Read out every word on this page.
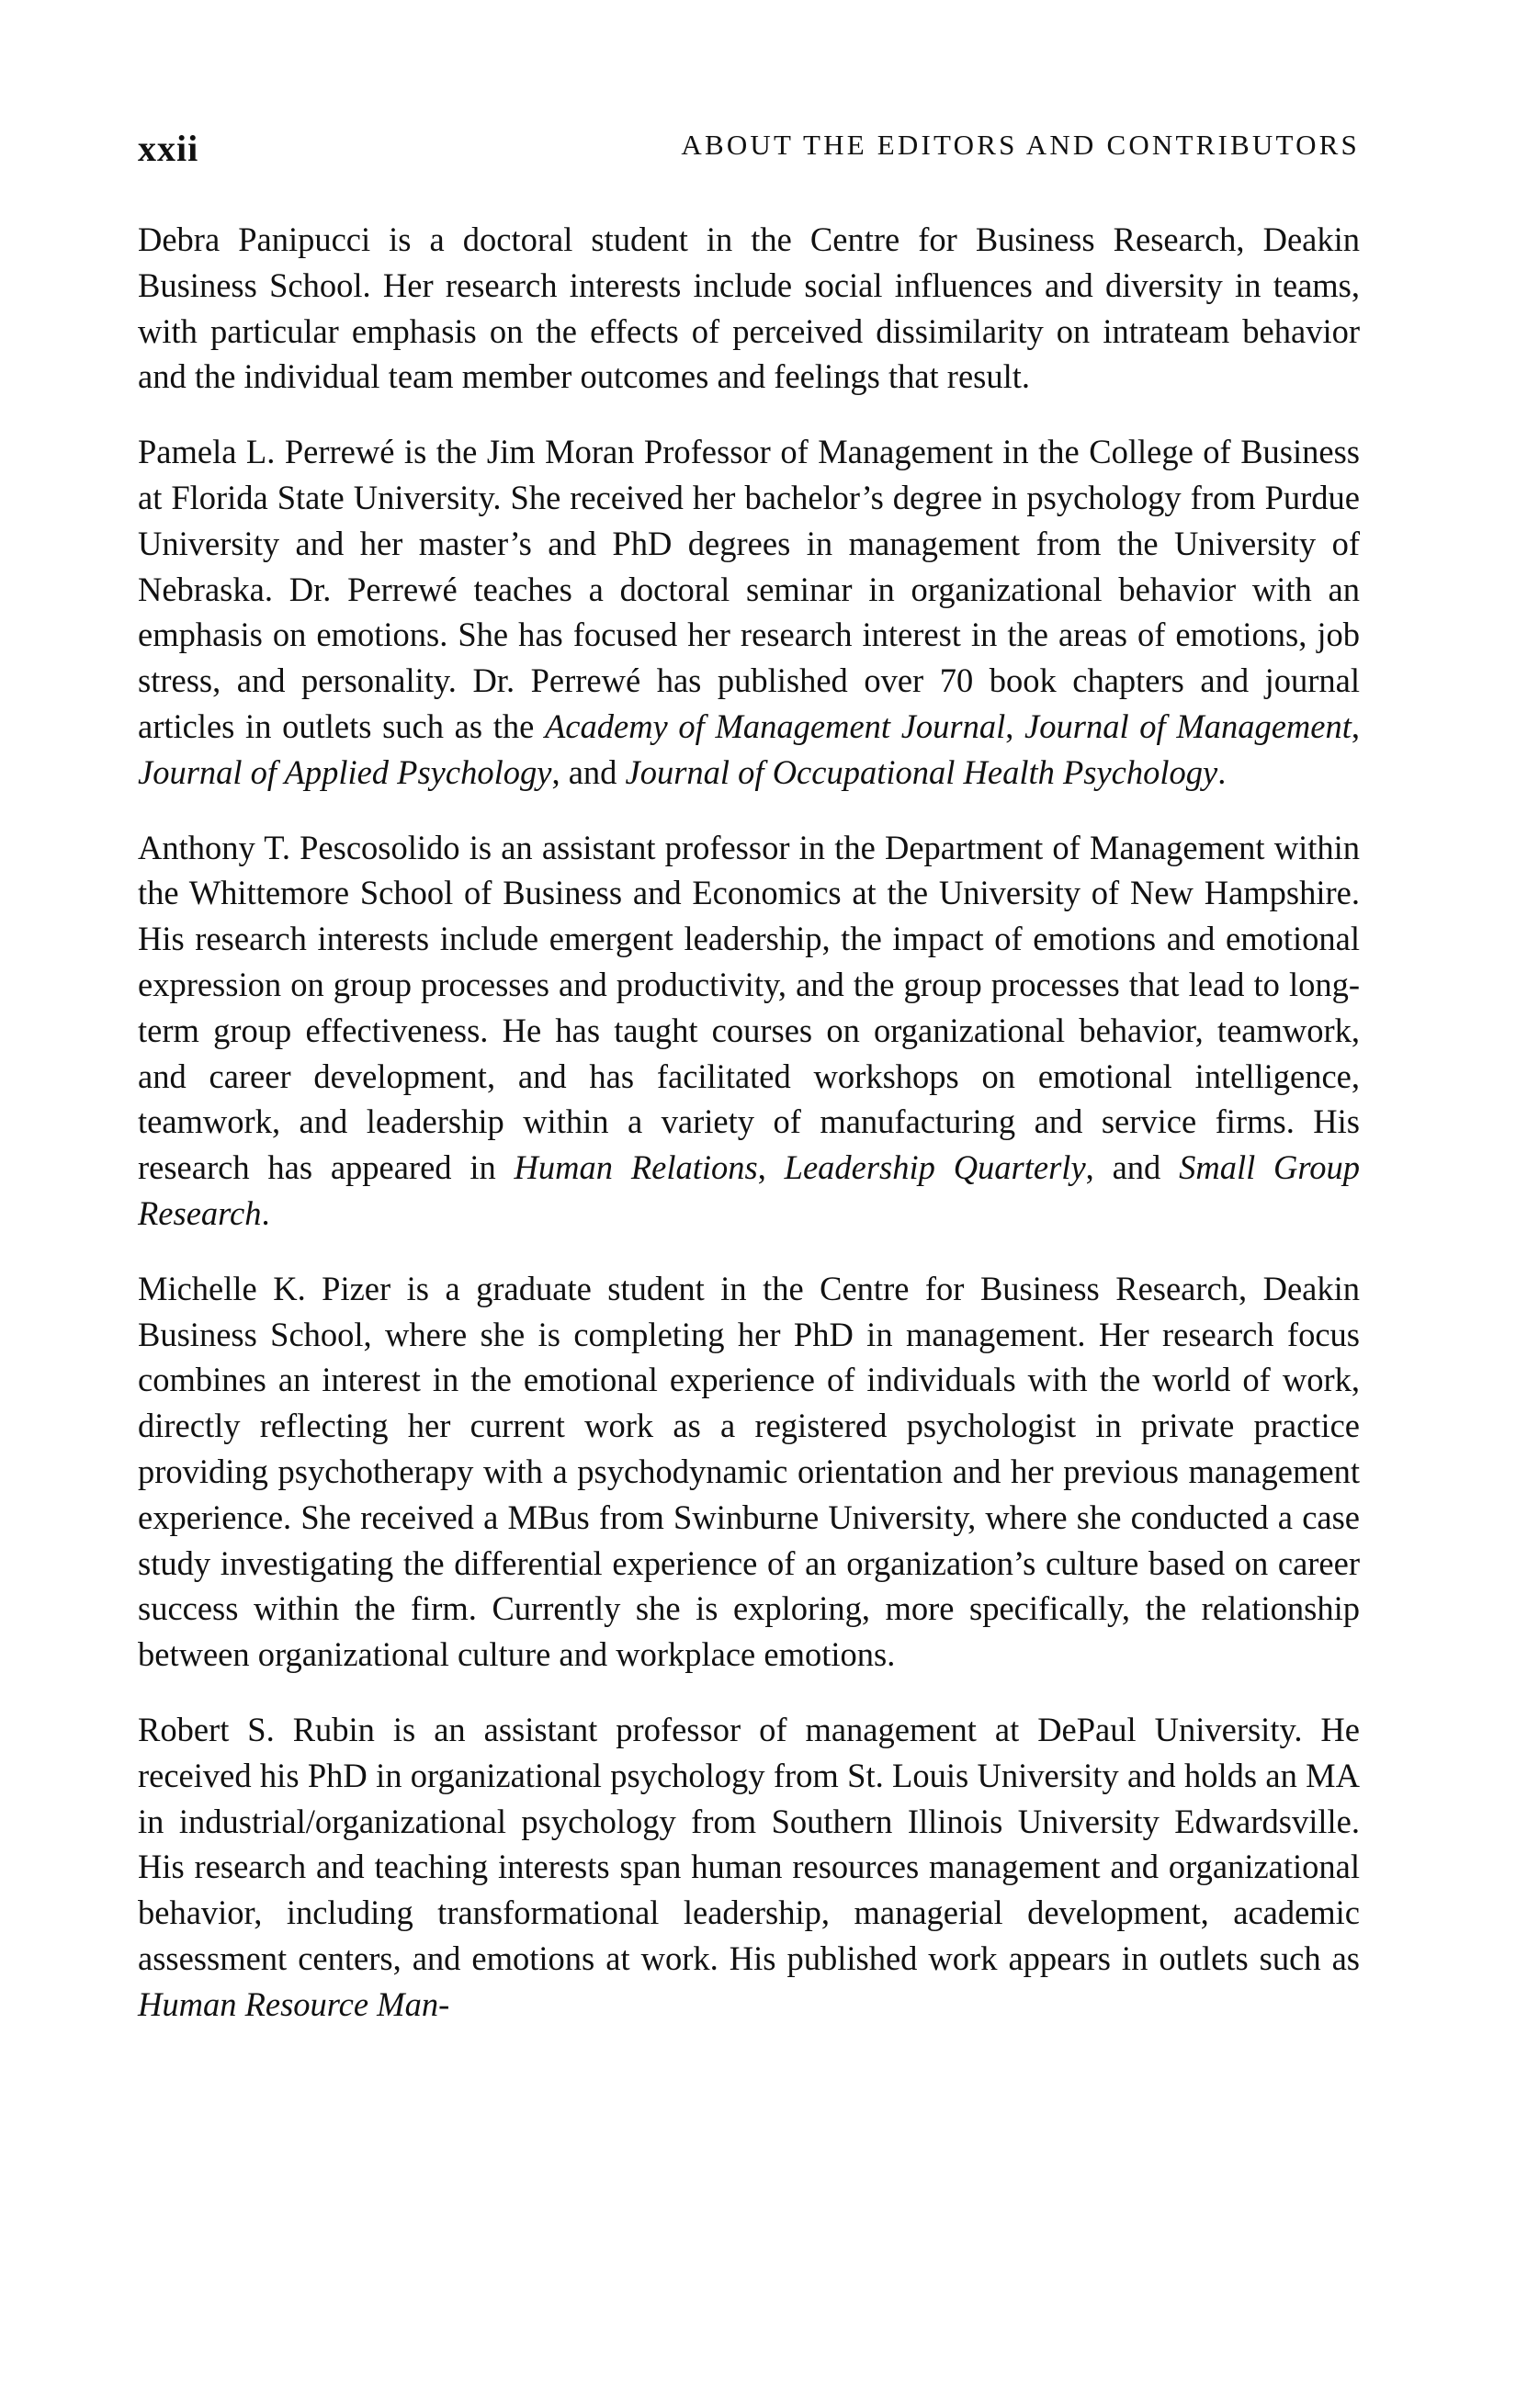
xxii	ABOUT THE EDITORS AND CONTRIBUTORS

Debra Panipucci is a doctoral student in the Centre for Business Research, Deakin Business School. Her research interests include social influences and diversity in teams, with particular emphasis on the effects of perceived dissimilarity on intrateam behavior and the individual team member outcomes and feelings that result.

Pamela L. Perrewé is the Jim Moran Professor of Management in the College of Business at Florida State University. She received her bachelor’s degree in psychology from Purdue University and her master’s and PhD degrees in management from the University of Nebraska. Dr. Perrewé teaches a doctoral seminar in organizational behavior with an emphasis on emotions. She has focused her research interest in the areas of emotions, job stress, and personality. Dr. Perrewé has published over 70 book chapters and journal articles in outlets such as the Academy of Management Journal, Journal of Management, Journal of Applied Psychology, and Journal of Occupational Health Psychology.

Anthony T. Pescosolido is an assistant professor in the Department of Management within the Whittemore School of Business and Economics at the University of New Hampshire. His research interests include emergent leadership, the impact of emotions and emotional expression on group processes and productivity, and the group processes that lead to long-term group effectiveness. He has taught courses on organizational behavior, teamwork, and career development, and has facilitated workshops on emotional intelligence, teamwork, and leadership within a variety of manufacturing and service firms. His research has appeared in Human Relations, Leadership Quarterly, and Small Group Research.

Michelle K. Pizer is a graduate student in the Centre for Business Research, Deakin Business School, where she is completing her PhD in management. Her research focus combines an interest in the emotional experience of individuals with the world of work, directly reflecting her current work as a registered psychologist in private practice providing psychotherapy with a psychodynamic orientation and her previous management experience. She received a MBus from Swinburne University, where she conducted a case study investigating the differential experience of an organization’s culture based on career success within the firm. Currently she is exploring, more specifically, the relationship between organizational culture and workplace emotions.

Robert S. Rubin is an assistant professor of management at DePaul University. He received his PhD in organizational psychology from St. Louis University and holds an MA in industrial/organizational psychology from Southern Illinois University Edwardsville. His research and teaching interests span human resources management and organizational behavior, including transformational leadership, managerial development, academic assessment centers, and emotions at work. His published work appears in outlets such as Human Resource Man-
